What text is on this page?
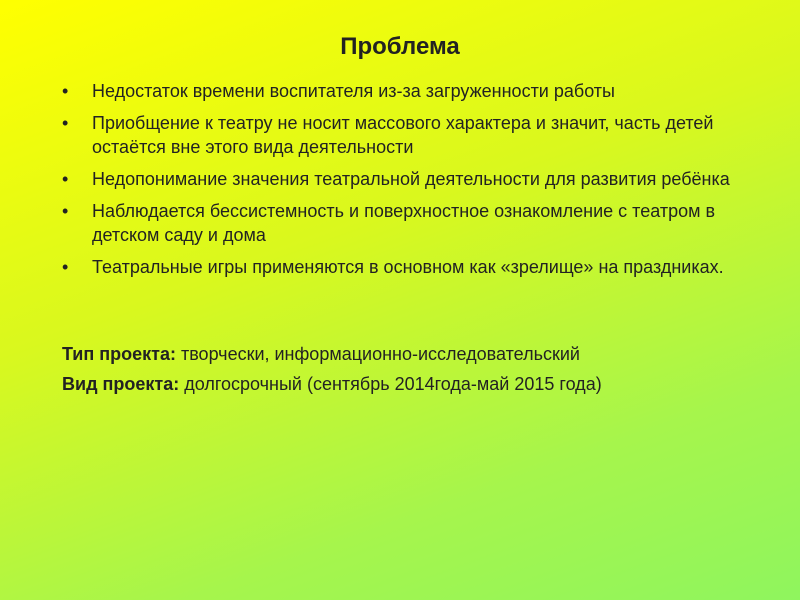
Проблема
•	Недостаток времени воспитателя из-за загруженности работы
•	Приобщение к театру не носит массового характера и значит, часть детей остаётся вне этого вида деятельности
•	Недопонимание значения театральной деятельности для развития ребёнка
•	Наблюдается бессистемность и поверхностное ознакомление с театром в детском саду и дома
•	Театральные игры применяются в основном как «зрелище» на праздниках.

Тип проекта: творчески, информационно-исследовательский

Вид проекта: долгосрочный (сентябрь 2014года-май 2015 года)
